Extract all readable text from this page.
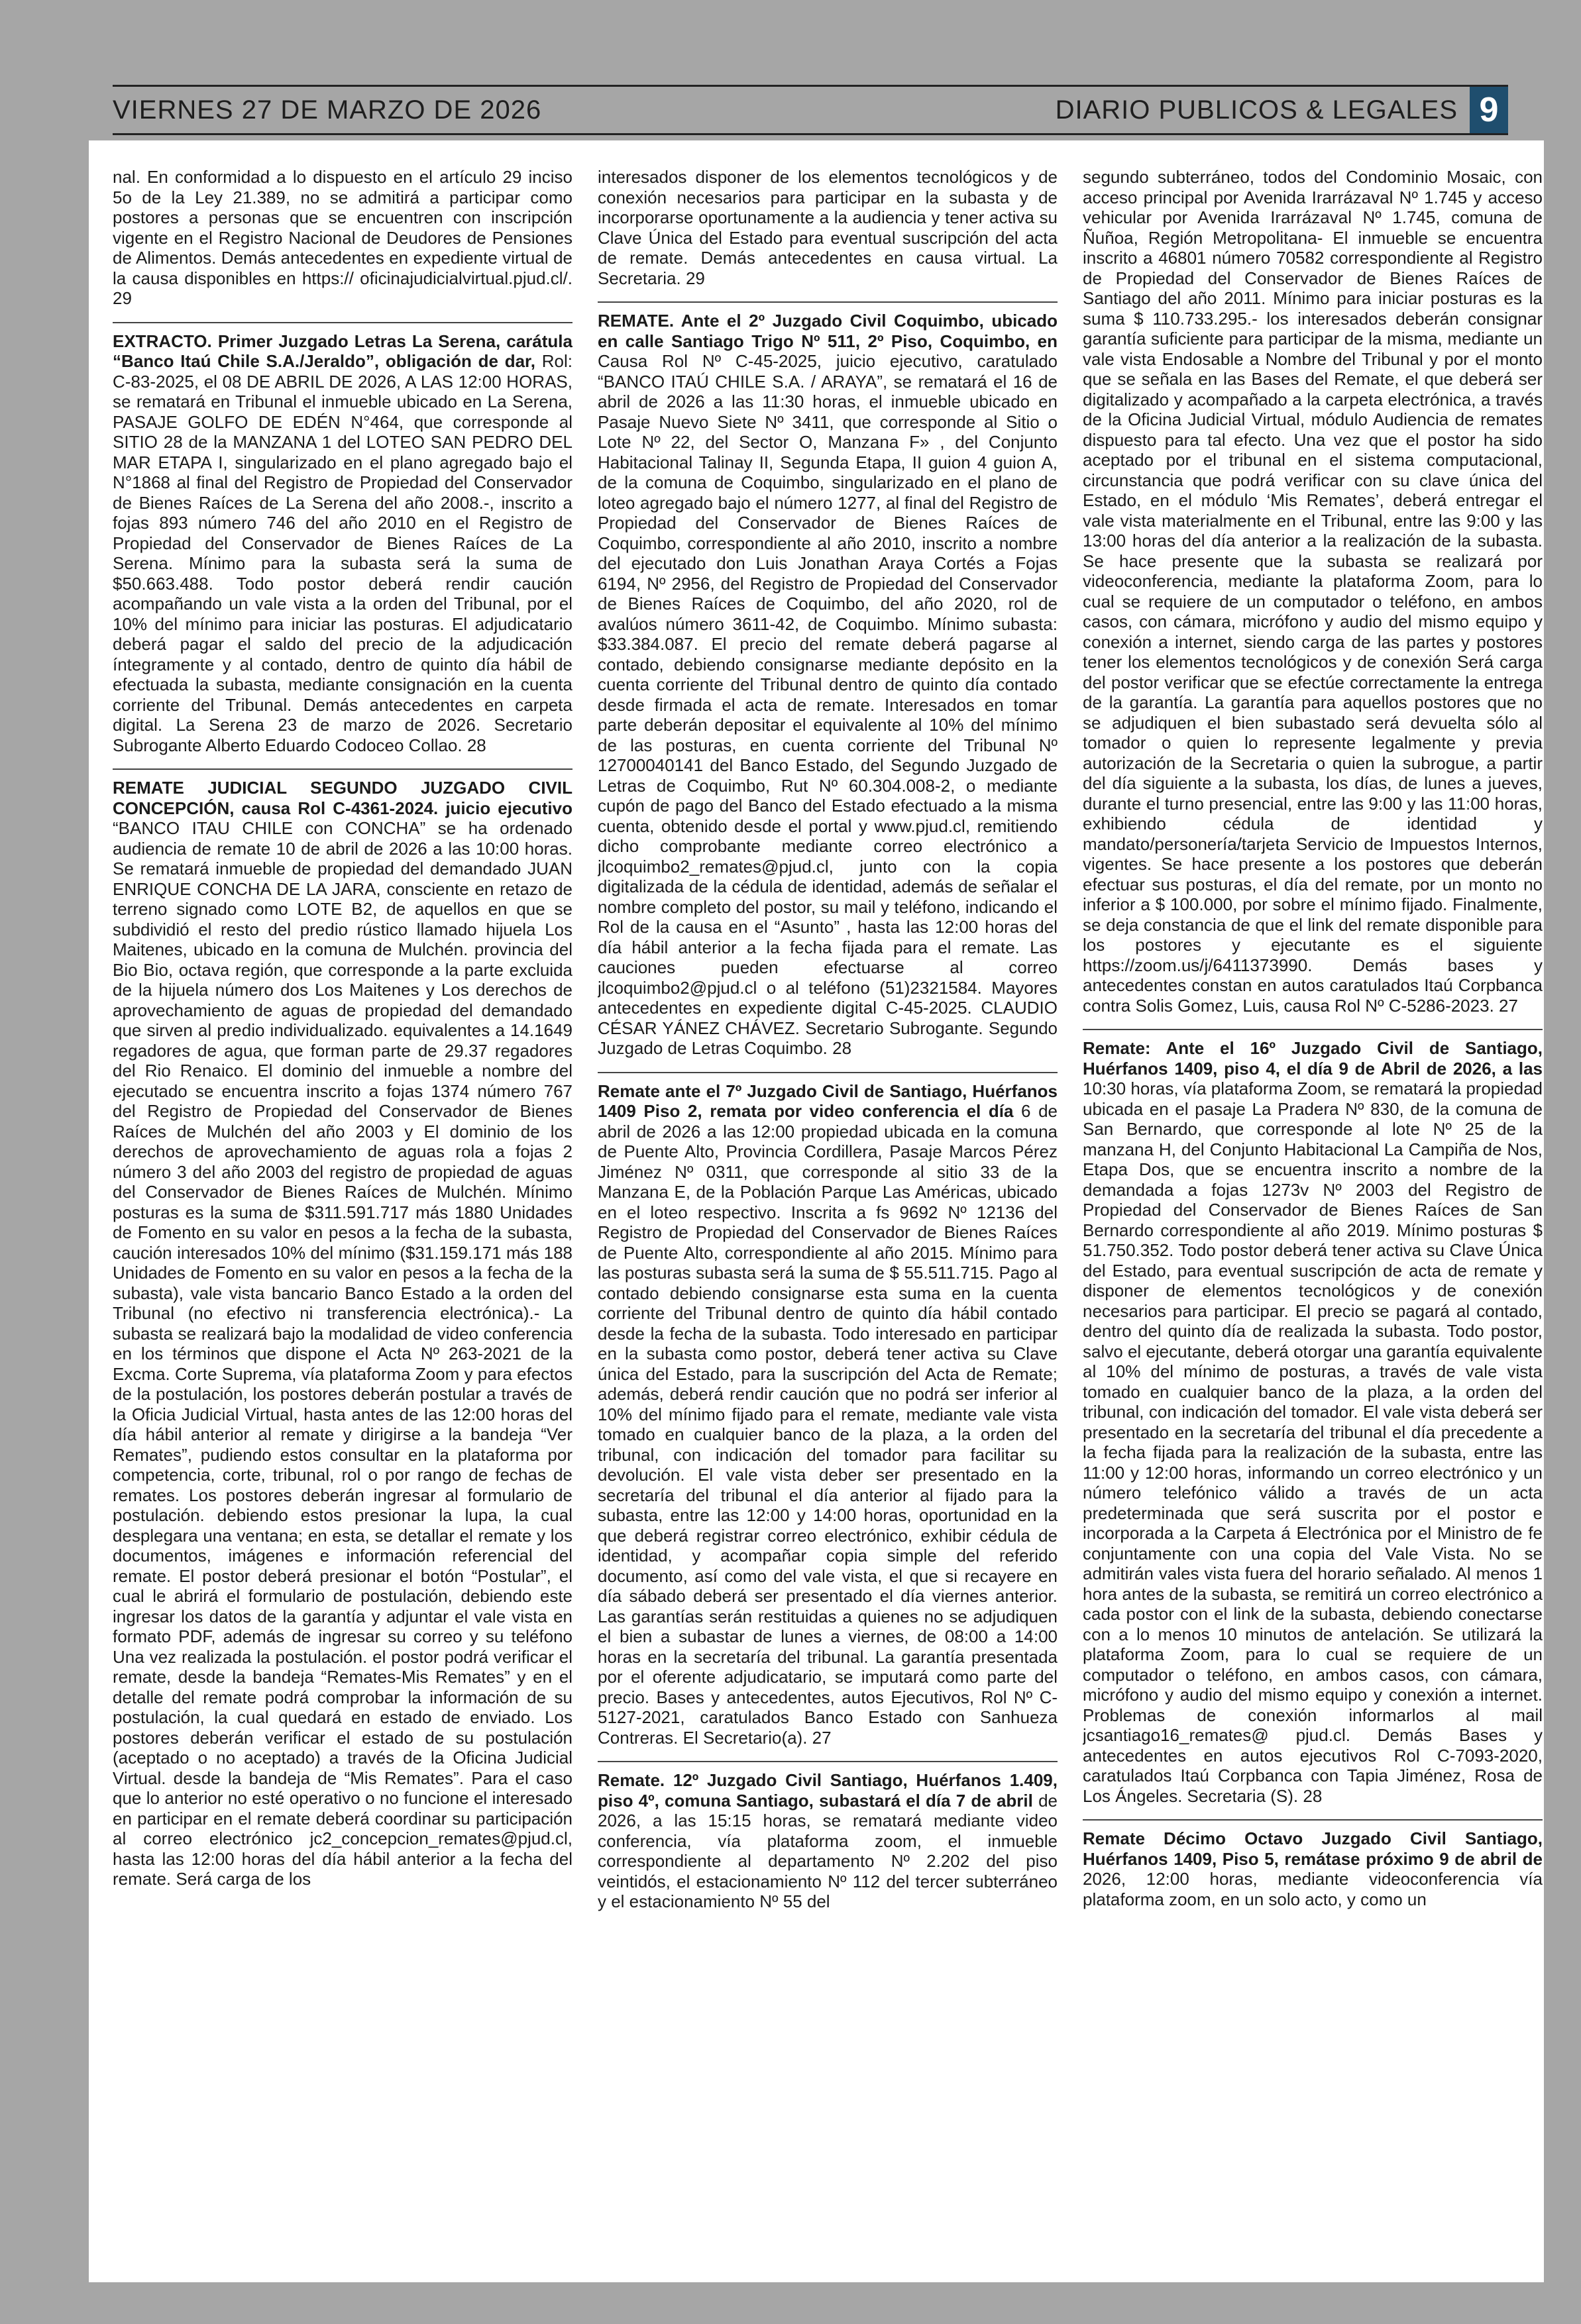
VIERNES 27 DE MARZO DE 2026	DIARIO PUBLICOS & LEGALES 9

nal. En conformidad a lo dispuesto en el artículo 29 inciso 5o de la Ley 21.389, no se admitirá a participar como postores a personas que se encuentren con inscripción vigente en el Registro Nacional de Deudores de Pensiones de Alimentos. Demás antecedentes en expediente virtual de la causa disponibles en https:// oficinajudicialvirtual.pjud.cl/. 29

EXTRACTO. Primer Juzgado Letras La Serena, carátula “Banco Itaú Chile S.A./Jeraldo”, obligación de dar, Rol: C-83-2025, el 08 DE ABRIL DE 2026, A LAS 12:00 HORAS, se rematará en Tribunal el inmueble ubicado en La Serena, PASAJE GOLFO DE EDÉN N°464, que corresponde al SITIO 28 de la MANZANA 1 del LOTEO SAN PEDRO DEL MAR ETAPA I, singularizado en el plano agregado bajo el N°1868 al final del Registro de Propiedad del Conservador de Bienes Raíces de La Serena del año 2008.-, inscrito a fojas 893 número 746 del año 2010 en el Registro de Propiedad del Conservador de Bienes Raíces de La Serena. Mínimo para la subasta será la suma de $50.663.488. Todo postor deberá rendir caución acompañando un vale vista a la orden del Tribunal, por el 10% del mínimo para iniciar las posturas. El adjudicatario deberá pagar el saldo del precio de la adjudicación íntegramente y al contado, dentro de quinto día hábil de efectuada la subasta, mediante consignación en la cuenta corriente del Tribunal. Demás antecedentes en carpeta digital. La Serena 23 de marzo de 2026. Secretario Subrogante Alberto Eduardo Codoceo Collao. 28

REMATE JUDICIAL SEGUNDO JUZGADO CIVIL CONCEPCIÓN, causa Rol C-4361-2024. juicio ejecutivo “BANCO ITAU CHILE con CONCHA” se ha ordenado audiencia de remate 10 de abril de 2026 a las 10:00 horas. Se rematará inmueble de propiedad del demandado JUAN ENRIQUE CONCHA DE LA JARA, consciente en retazo de terreno signado como LOTE B2, de aquellos en que se subdividió el resto del predio rústico llamado hijuela Los Maitenes, ubicado en la comuna de Mulchén. provincia del Bio Bio, octava región, que corresponde a la parte excluida de la hijuela número dos Los Maitenes y Los derechos de aprovechamiento de aguas de propiedad del demandado que sirven al predio individualizado. equivalentes a 14.1649 regadores de agua, que forman parte de 29.37 regadores del Rio Renaico. El dominio del inmueble a nombre del ejecutado se encuentra inscrito a fojas 1374 número 767 del Registro de Propiedad del Conservador de Bienes Raíces de Mulchén del año 2003 y El dominio de los derechos de aprovechamiento de aguas rola a fojas 2 número 3 del año 2003 del registro de propiedad de aguas del Conservador de Bienes Raíces de Mulchén. Mínimo posturas es la suma de $311.591.717 más 1880 Unidades de Fomento en su valor en pesos a la fecha de la subasta, caución interesados 10% del mínimo ($31.159.171 más 188 Unidades de Fomento en su valor en pesos a la fecha de la subasta), vale vista bancario Banco Estado a la orden del Tribunal (no efectivo ni transferencia electrónica).- La subasta se realizará bajo la modalidad de video conferencia en los términos que dispone el Acta Nº 263-2021 de la Excma. Corte Suprema, vía plataforma Zoom y para efectos de la postulación, los postores deberán postular a través de la Oficia Judicial Virtual, hasta antes de las 12:00 horas del día hábil anterior al remate y dirigirse a la bandeja “Ver Remates”, pudiendo estos consultar en la plataforma por competencia, corte, tribunal, rol o por rango de fechas de remates. Los postores deberán ingresar al formulario de postulación. debiendo estos presionar la lupa, la cual desplegara una ventana; en esta, se detallar el remate y los documentos, imágenes e información referencial del remate. El postor deberá presionar el botón “Postular”, el cual le abrirá el formulario de postulación, debiendo este ingresar los datos de la garantía y adjuntar el vale vista en formato PDF, además de ingresar su correo y su teléfono Una vez realizada la postulación. el postor podrá verificar el remate, desde la bandeja “Remates-Mis Remates” y en el detalle del remate podrá comprobar la información de su postulación, la cual quedará en estado de enviado. Los postores deberán verificar el estado de su postulación (aceptado o no aceptado) a través de la Oficina Judicial Virtual. desde la bandeja de “Mis Remates”. Para el caso que lo anterior no esté operativo o no funcione el interesado en participar en el remate deberá coordinar su participación al correo electrónico jc2_concepcion_remates@pjud.cl, hasta las 12:00 horas del día hábil anterior a la fecha del remate. Será carga de los

interesados disponer de los elementos tecnológicos y de conexión necesarios para participar en la subasta y de incorporarse oportunamente a la audiencia y tener activa su Clave Única del Estado para eventual suscripción del acta de remate. Demás antecedentes en causa virtual. La Secretaria. 29

REMATE. Ante el 2º Juzgado Civil Coquimbo, ubicado en calle Santiago Trigo Nº 511, 2º Piso, Coquimbo, en Causa Rol Nº C-45-2025, juicio ejecutivo, caratulado “BANCO ITAÚ CHILE S.A. / ARAYA”, se rematará el 16 de abril de 2026 a las 11:30 horas, el inmueble ubicado en Pasaje Nuevo Siete Nº 3411, que corresponde al Sitio o Lote Nº 22, del Sector O, Manzana F» , del Conjunto Habitacional Talinay II, Segunda Etapa, II guion 4 guion A, de la comuna de Coquimbo, singularizado en el plano de loteo agregado bajo el número 1277, al final del Registro de Propiedad del Conservador de Bienes Raíces de Coquimbo, correspondiente al año 2010, inscrito a nombre del ejecutado don Luis Jonathan Araya Cortés a Fojas 6194, Nº 2956, del Registro de Propiedad del Conservador de Bienes Raíces de Coquimbo, del año 2020, rol de avalúos número 3611-42, de Coquimbo. Mínimo subasta: $33.384.087. El precio del remate deberá pagarse al contado, debiendo consignarse mediante depósito en la cuenta corriente del Tribunal dentro de quinto día contado desde firmada el acta de remate. Interesados en tomar parte deberán depositar el equivalente al 10% del mínimo de las posturas, en cuenta corriente del Tribunal Nº 12700040141 del Banco Estado, del Segundo Juzgado de Letras de Coquimbo, Rut Nº 60.304.008-2, o mediante cupón de pago del Banco del Estado efectuado a la misma cuenta, obtenido desde el portal y www.pjud.cl, remitiendo dicho comprobante mediante correo electrónico a jlcoquimbo2_remates@pjud.cl, junto con la copia digitalizada de la cédula de identidad, además de señalar el nombre completo del postor, su mail y teléfono, indicando el Rol de la causa en el “Asunto” , hasta las 12:00 horas del día hábil anterior a la fecha fijada para el remate. Las cauciones pueden efectuarse al correo jlcoquimbo2@pjud.cl o al teléfono (51)2321584. Mayores antecedentes en expediente digital C-45-2025. CLAUDIO CÉSAR YÁNEZ CHÁVEZ. Secretario Subrogante. Segundo Juzgado de Letras Coquimbo. 28

Remate ante el 7º Juzgado Civil de Santiago, Huérfanos 1409 Piso 2, remata por video conferencia el día 6 de abril de 2026 a las 12:00 propiedad ubicada en la comuna de Puente Alto, Provincia Cordillera, Pasaje Marcos Pérez Jiménez Nº 0311, que corresponde al sitio 33 de la Manzana E, de la Población Parque Las Américas, ubicado en el loteo respectivo. Inscrita a fs 9692 Nº 12136 del Registro de Propiedad del Conservador de Bienes Raíces de Puente Alto, correspondiente al año 2015. Mínimo para las posturas subasta será la suma de $ 55.511.715. Pago al contado debiendo consignarse esta suma en la cuenta corriente del Tribunal dentro de quinto día hábil contado desde la fecha de la subasta. Todo interesado en participar en la subasta como postor, deberá tener activa su Clave única del Estado, para la suscripción del Acta de Remate; además, deberá rendir caución que no podrá ser inferior al 10% del mínimo fijado para el remate, mediante vale vista tomado en cualquier banco de la plaza, a la orden del tribunal, con indicación del tomador para facilitar su devolución. El vale vista deber ser presentado en la secretaría del tribunal el día anterior al fijado para la subasta, entre las 12:00 y 14:00 horas, oportunidad en la que deberá registrar correo electrónico, exhibir cédula de identidad, y acompañar copia simple del referido documento, así como del vale vista, el que si recayere en día sábado deberá ser presentado el día viernes anterior. Las garantías serán restituidas a quienes no se adjudiquen el bien a subastar de lunes a viernes, de 08:00 a 14:00 horas en la secretaría del tribunal. La garantía presentada por el oferente adjudicatario, se imputará como parte del precio. Bases y antecedentes, autos Ejecutivos, Rol Nº C-5127-2021, caratulados Banco Estado con Sanhueza Contreras. El Secretario(a). 27

Remate. 12º Juzgado Civil Santiago, Huérfanos 1.409, piso 4º, comuna Santiago, subastará el día 7 de abril de 2026, a las 15:15 horas, se rematará mediante video conferencia, vía plataforma zoom, el inmueble correspondiente al departamento Nº 2.202 del piso veintidós, el estacionamiento Nº 112 del tercer subterráneo y el estacionamiento Nº 55 del

segundo subterráneo, todos del Condominio Mosaic, con acceso principal por Avenida Irarrázaval Nº 1.745 y acceso vehicular por Avenida Irarrázaval Nº 1.745, comuna de Ñuñoa, Región Metropolitana- El inmueble se encuentra inscrito a 46801 número 70582 correspondiente al Registro de Propiedad del Conservador de Bienes Raíces de Santiago del año 2011. Mínimo para iniciar posturas es la suma $ 110.733.295.- los interesados deberán consignar garantía suficiente para participar de la misma, mediante un vale vista Endosable a Nombre del Tribunal y por el monto que se señala en las Bases del Remate, el que deberá ser digitalizado y acompañado a la carpeta electrónica, a través de la Oficina Judicial Virtual, módulo Audiencia de remates dispuesto para tal efecto. Una vez que el postor ha sido aceptado por el tribunal en el sistema computacional, circunstancia que podrá verificar con su clave única del Estado, en el módulo ‘Mis Remates’, deberá entregar el vale vista materialmente en el Tribunal, entre las 9:00 y las 13:00 horas del día anterior a la realización de la subasta. Se hace presente que la subasta se realizará por videoconferencia, mediante la plataforma Zoom, para lo cual se requiere de un computador o teléfono, en ambos casos, con cámara, micrófono y audio del mismo equipo y conexión a internet, siendo carga de las partes y postores tener los elementos tecnológicos y de conexión Será carga del postor verificar que se efectúe correctamente la entrega de la garantía. La garantía para aquellos postores que no se adjudiquen el bien subastado será devuelta sólo al tomador o quien lo represente legalmente y previa autorización de la Secretaria o quien la subrogue, a partir del día siguiente a la subasta, los días, de lunes a jueves, durante el turno presencial, entre las 9:00 y las 11:00 horas, exhibiendo cédula de identidad y mandato/personería/tarjeta Servicio de Impuestos Internos, vigentes. Se hace presente a los postores que deberán efectuar sus posturas, el día del remate, por un monto no inferior a $ 100.000, por sobre el mínimo fijado. Finalmente, se deja constancia de que el link del remate disponible para los postores y ejecutante es el siguiente https://zoom.us/j/6411373990. Demás bases y antecedentes constan en autos caratulados Itaú Corpbanca contra Solis Gomez, Luis, causa Rol Nº C-5286-2023. 27

Remate: Ante el 16º Juzgado Civil de Santiago, Huérfanos 1409, piso 4, el día 9 de Abril de 2026, a las 10:30 horas, vía plataforma Zoom, se rematará la propiedad ubicada en el pasaje La Pradera Nº 830, de la comuna de San Bernardo, que corresponde al lote Nº 25 de la manzana H, del Conjunto Habitacional La Campiña de Nos, Etapa Dos, que se encuentra inscrito a nombre de la demandada a fojas 1273v Nº 2003 del Registro de Propiedad del Conservador de Bienes Raíces de San Bernardo correspondiente al año 2019. Mínimo posturas $ 51.750.352. Todo postor deberá tener activa su Clave Única del Estado, para eventual suscripción de acta de remate y disponer de elementos tecnológicos y de conexión necesarios para participar. El precio se pagará al contado, dentro del quinto día de realizada la subasta. Todo postor, salvo el ejecutante, deberá otorgar una garantía equivalente al 10% del mínimo de posturas, a través de vale vista tomado en cualquier banco de la plaza, a la orden del tribunal, con indicación del tomador. El vale vista deberá ser presentado en la secretaría del tribunal el día precedente a la fecha fijada para la realización de la subasta, entre las 11:00 y 12:00 horas, informando un correo electrónico y un número telefónico válido a través de un acta predeterminada que será suscrita por el postor e incorporada a la Carpeta á Electrónica por el Ministro de fe conjuntamente con una copia del Vale Vista. No se admitirán vales vista fuera del horario señalado. Al menos 1 hora antes de la subasta, se remitirá un correo electrónico a cada postor con el link de la subasta, debiendo conectarse con a lo menos 10 minutos de antelación. Se utilizará la plataforma Zoom, para lo cual se requiere de un computador o teléfono, en ambos casos, con cámara, micrófono y audio del mismo equipo y conexión a internet. Problemas de conexión informarlos al mail jcsantiago16_remates@ pjud.cl. Demás Bases y antecedentes en autos ejecutivos Rol C-7093-2020, caratulados Itaú Corpbanca con Tapia Jiménez, Rosa de Los Ángeles. Secretaria (S). 28

Remate Décimo Octavo Juzgado Civil Santiago, Huérfanos 1409, Piso 5, remátase próximo 9 de abril de 2026, 12:00 horas, mediante videoconferencia vía plataforma zoom, en un solo acto, y como un
